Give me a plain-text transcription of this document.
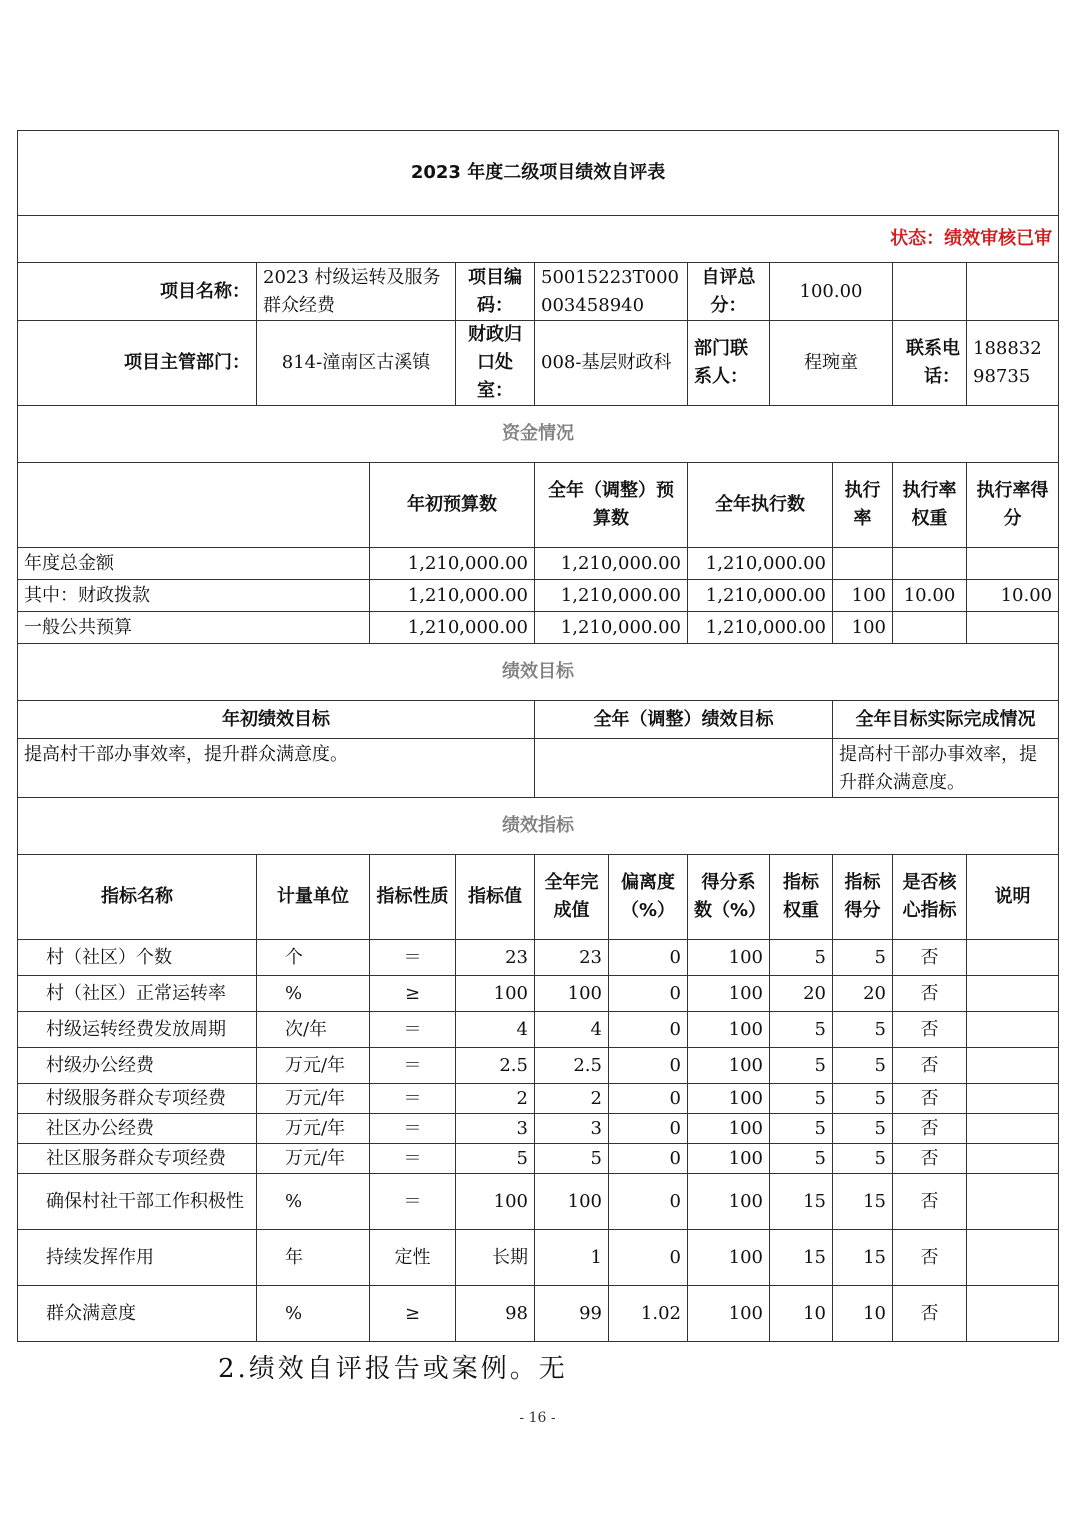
2023 年度二级项目绩效自评表										
状态：绩效审核已审										
项目名称：	2023 村级运转及服务群众经费		项目编码：	50015223T000003458940		自评总分：	100.00			
项目主管部门：	814-潼南区古溪镇		财政归口处室：	008-基层财政科		部门联系人：	程琬童		联系电话：	18883298735
资金情况										
		年初预算数		全年（调整）预算数		全年执行数		执行率	执行率权重	执行率得分
年度总金额		1,210,000.00		1,210,000.00		1,210,000.00				
其中：财政拨款		1,210,000.00		1,210,000.00		1,210,000.00		100	10.00	10.00
一般公共预算		1,210,000.00		1,210,000.00		1,210,000.00		100		
绩效目标										
年初绩效目标				全年（调整）绩效目标				全年目标实际完成情况		
提高村干部办事效率，提升群众满意度。								提高村干部办事效率，提升群众满意度。		
绩效指标										
指标名称	计量单位	指标性质	指标值	全年完成值	偏离度（%）	得分系数（%）	指标权重	指标得分	是否核心指标	说明
村（社区）个数	个	＝	23	23	0	100	5	5	否	
村（社区）正常运转率	%	≥	100	100	0	100	20	20	否	
村级运转经费发放周期	次/年	＝	4	4	0	100	5	5	否	
村级办公经费	万元/年	＝	2.5	2.5	0	100	5	5	否	
村级服务群众专项经费	万元/年	＝	2	2	0	100	5	5	否	
社区办公经费	万元/年	＝	3	3	0	100	5	5	否	
社区服务群众专项经费	万元/年	＝	5	5	0	100	5	5	否	
确保村社干部工作积极性	%	＝	100	100	0	100	15	15	否	
持续发挥作用	年	定性	长期	1	0	100	15	15	否	
群众满意度	%	≥	98	99	1.02	100	10	10	否	
2.绩效自评报告或案例。无
- 16 -
